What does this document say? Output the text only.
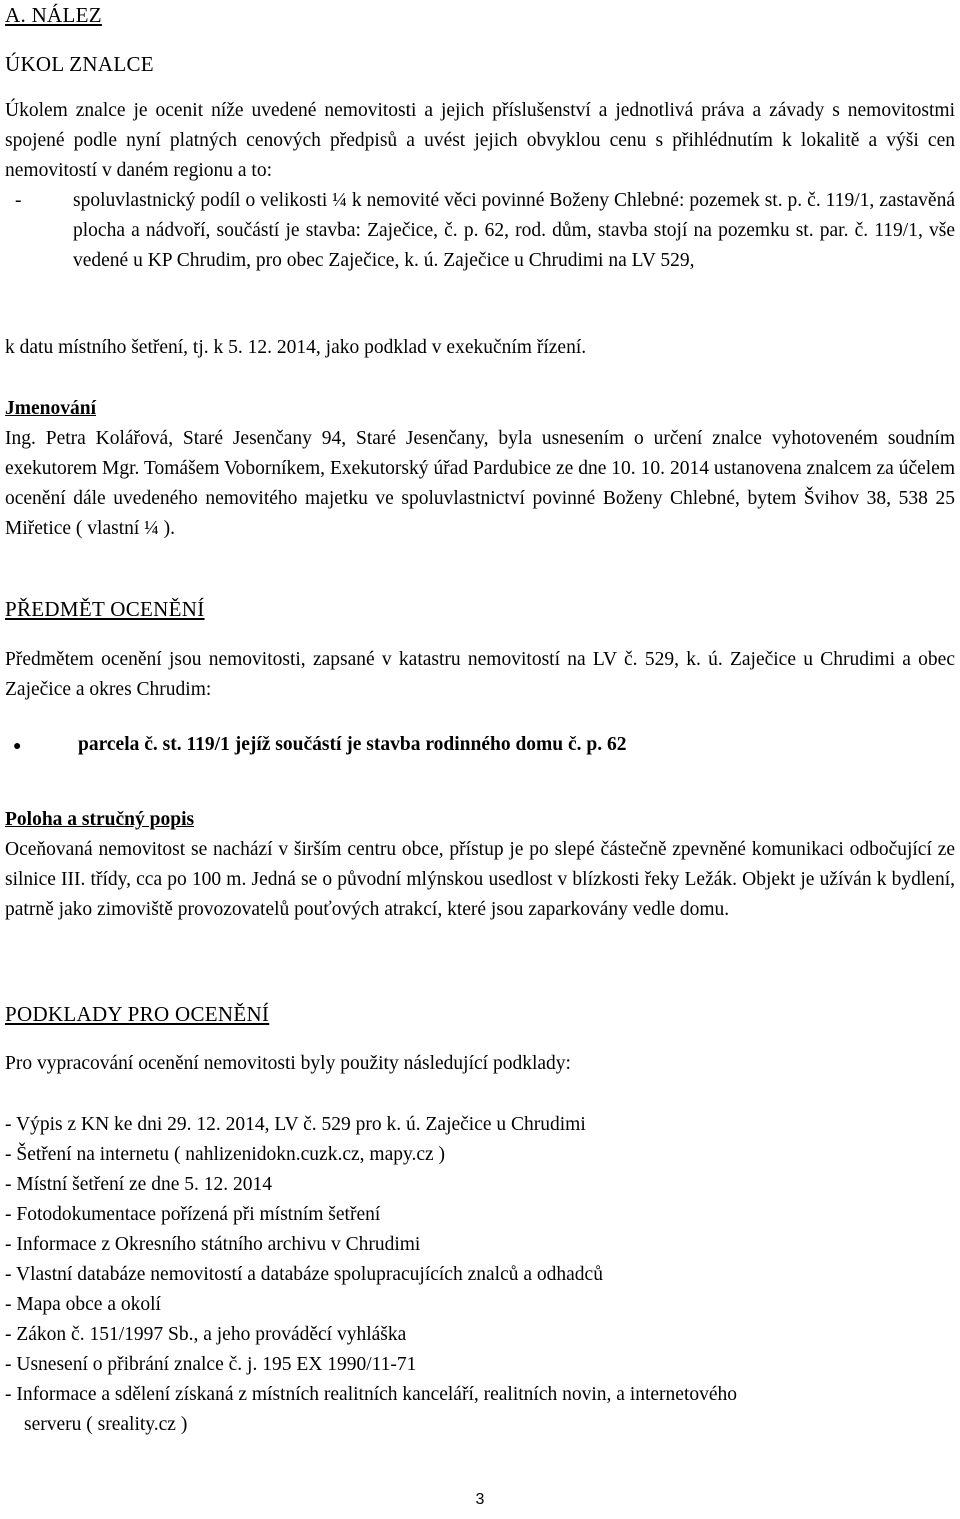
A. NÁLEZ

ÚKOL ZNALCE

Úkolem znalce je ocenit níže uvedené nemovitosti a jejich příslušenství a jednotlivá práva a závady s nemovitostmi spojené podle nyní platných cenových předpisů a uvést jejich obvyklou cenu s přihlédnutím k lokalitě a výši cen nemovitostí v daném regionu a to:

-	spoluvlastnický podíl o velikosti ¼ k nemovité věci povinné Boženy Chlebné: pozemek st. p. č. 119/1, zastavěná plocha a nádvoří, součástí je stavba: Zaječice, č. p. 62, rod. dům, stavba stojí na pozemku st. par. č. 119/1, vše vedené u KP Chrudim, pro obec Zaječice, k. ú. Zaječice u Chrudimi na LV 529,

k datu místního šetření, tj. k 5. 12. 2014, jako podklad v exekučním řízení.

Jmenování

Ing. Petra Kolářová, Staré Jesenčany 94, Staré Jesenčany, byla usnesením o určení znalce vyhotoveném soudním exekutorem Mgr. Tomášem Voborníkem, Exekutorský úřad Pardubice ze dne 10. 10. 2014 ustanovena znalcem za účelem ocenění dále uvedeného nemovitého majetku ve spoluvlastnictví povinné Boženy Chlebné, bytem Švihov 38, 538 25 Miřetice ( vlastní ¼ ).

PŘEDMĚT OCENĚNÍ

Předmětem ocenění jsou nemovitosti, zapsané v katastru nemovitostí na LV č. 529, k. ú. Zaječice u Chrudimi a obec Zaječice a okres Chrudim:

●	parcela č. st. 119/1 jejíž součástí je stavba rodinného domu č. p. 62

Poloha a stručný popis

Oceňovaná nemovitost se nachází v širším centru obce, přístup je po slepé částečně zpevněné komunikaci odbočující ze silnice III. třídy, cca po 100 m. Jedná se o původní mlýnskou usedlost v blízkosti řeky Ležák. Objekt je užíván k bydlení, patrně jako zimoviště provozovatelů pouťových atrakcí, které jsou zaparkovány vedle domu.

PODKLADY PRO OCENĚNÍ

Pro vypracování ocenění nemovitosti byly použity následující podklady:

- Výpis z KN ke dni 29. 12. 2014, LV č. 529 pro k. ú. Zaječice u Chrudimi
- Šetření na internetu ( nahlizenidokn.cuzk.cz, mapy.cz )
- Místní šetření ze dne 5. 12. 2014
- Fotodokumentace pořízená při místním šetření
- Informace z Okresního státního archivu v Chrudimi
- Vlastní databáze nemovitostí a databáze spolupracujících znalců a odhadců
- Mapa obce a okolí
- Zákon č. 151/1997 Sb., a jeho prováděcí vyhláška
- Usnesení o přibrání znalce č. j. 195 EX 1990/11-71
- Informace a sdělení získaná z místních realitních kanceláří, realitních novin, a internetového
serveru ( sreality.cz )
3
